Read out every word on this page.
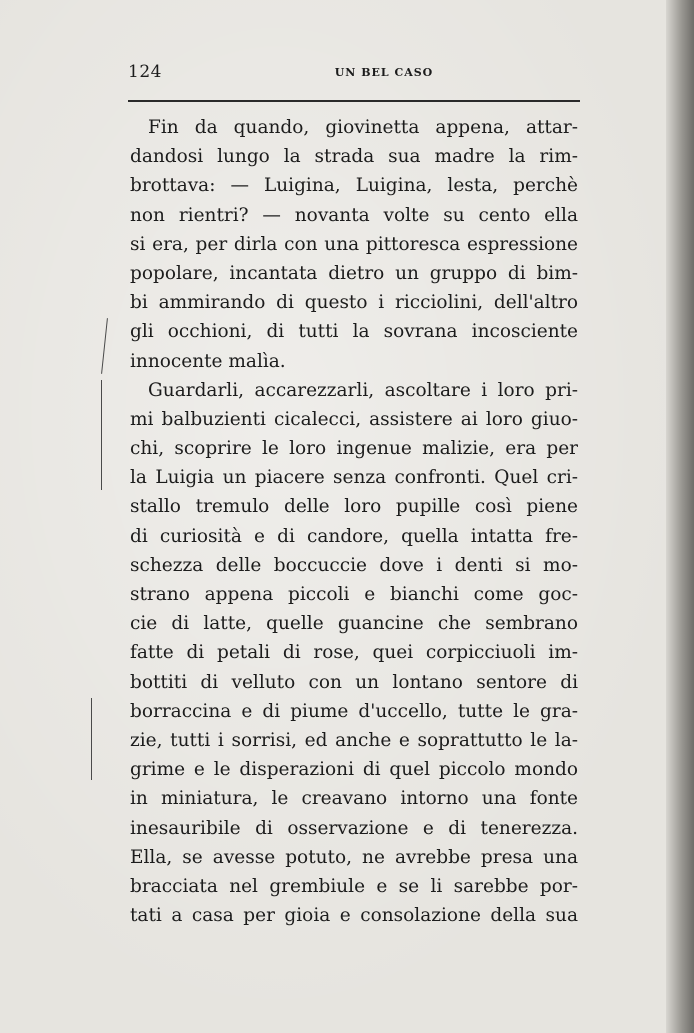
124	UN BEL CASO
Fin da quando, giovinetta appena, attar-
dandosi lungo la strada sua madre la rim-
brottava: — Luigina, Luigina, lesta, perchè
non rientri? — novanta volte su cento ella
si era, per dirla con una pittoresca espressione
popolare, incantata dietro un gruppo di bim-
bi ammirando di questo i ricciolini, dell'altro
gli occhioni, di tutti la sovrana incosciente
innocente malìa.
Guardarli, accarezzarli, ascoltare i loro pri-
mi balbuzienti cicalecci, assistere ai loro giuo-
chi, scoprire le loro ingenue malizie, era per
la Luigia un piacere senza confronti. Quel cri-
stallo tremulo delle loro pupille così piene
di curiosità e di candore, quella intatta fre-
schezza delle boccuccie dove i denti si mo-
strano appena piccoli e bianchi come goc-
cie di latte, quelle guancine che sembrano
fatte di petali di rose, quei corpicciuoli im-
bottiti di velluto con un lontano sentore di
borraccina e di piume d'uccello, tutte le gra-
zie, tutti i sorrisi, ed anche e soprattutto le la-
grime e le disperazioni di quel piccolo mondo
in miniatura, le creavano intorno una fonte
inesauribile di osservazione e di tenerezza.
Ella, se avesse potuto, ne avrebbe presa una
bracciata nel grembiule e se li sarebbe por-
tati a casa per gioia e consolazione della sua
